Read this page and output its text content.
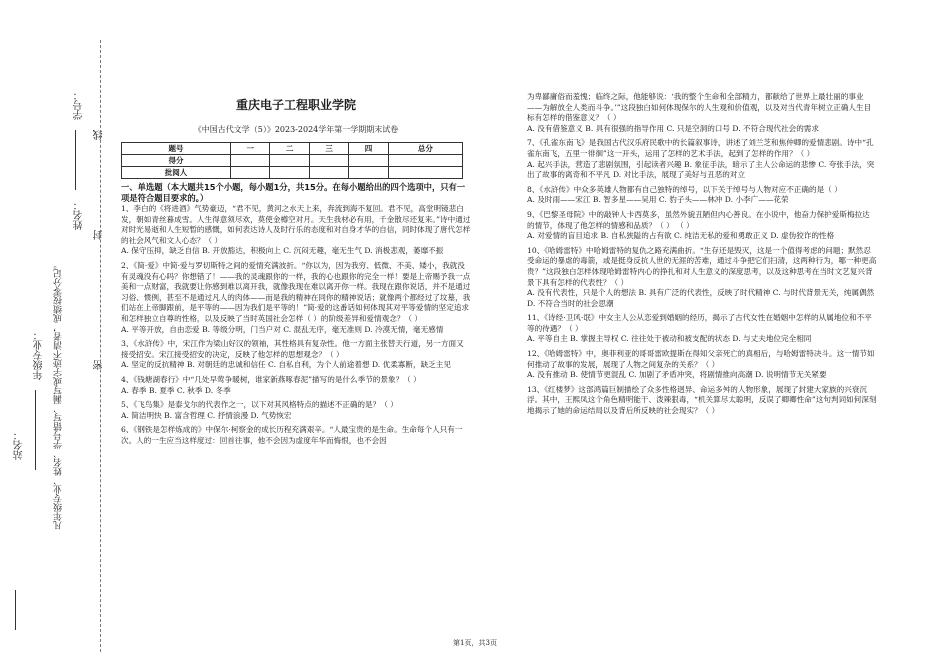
站名：
年级专业： 凡年级专业、姓名、学号错写、漏写或字迹不清者，成绩按零分记。
姓名：
学号：
密
封
线
重庆电子工程职业学院
《中国古代文学（5）》2023-2024学年第一学期期末试卷
题号	一	二	三	四	总分
得分					
批阅人					
一、单选题（本大题共15个小题，每小题1分，共15分。在每小题给出的四个选项中，只有一项是符合题目要求的。）

1、李白的《将进酒》气势豪迈，“君不见，黄河之水天上来，奔流到海不复回。君不见，高堂明镜悲白发，朝如青丝暮成雪。人生得意须尽欢，莫使金樽空对月。天生我材必有用，千金散尽还复来。”诗中通过对时光易逝和人生短暂的感慨，如何表达诗人及时行乐的态度和对自身才华的自信，同时体现了唐代怎样的社会风气和文人心态？（ ）

A. 保守压抑，缺乏自信 B. 开放豁达，积极向上 C. 沉闷无趣，毫无生气 D. 消极悲观，萎靡不振

2、《简·爱》中简·爱与罗切斯特之间的爱情充满波折。“你以为，因为我穷、低微、不美、矮小，我就没有灵魂没有心吗？你想错了！——我的灵魂跟你的一样，我的心也跟你的完全一样！要是上帝赐予我一点美和一点财富，我就要让你感到难以离开我，就像我现在难以离开你一样。我现在跟你说话，并不是通过习俗、惯例，甚至不是通过凡人的肉体——而是我的精神在同你的精神说话；就像两个都经过了坟墓，我们站在上帝脚跟前，是平等的——因为我们是平等的！”简·爱的这番话如何体现其对平等爱情的坚定追求和怎样独立自尊的性格，以及反映了当时英国社会怎样（ ）的阶级差异和爱情观念？（ ）

A. 平等开放，自由恋爱 B. 等级分明，门当户对 C. 混乱无序，毫无准则 D. 冷漠无情，毫无感情

3、《水浒传》中，宋江作为梁山好汉的领袖，其性格具有复杂性。他一方面主张替天行道，另一方面又接受招安。宋江接受招安的决定，反映了他怎样的思想观念？（ ）

A. 坚定的反抗精神 B. 对朝廷的忠诚和信任 C. 自私自利，为个人前途着想 D. 优柔寡断，缺乏主见

4、《钱塘湖春行》中“几处早莺争暖树，谁家新燕啄春泥”描写的是什么季节的景象？（ ）

A. 春季 B. 夏季 C. 秋季 D. 冬季

5、《飞鸟集》是泰戈尔的代表作之一，以下对其风格特点的描述不正确的是？（ ）

A. 简洁明快 B. 富含哲理 C. 抒情浪漫 D. 气势恢宏

6、《钢铁是怎样炼成的》中保尔·柯察金的成长历程充满艰辛。“人最宝贵的是生命。生命每个人只有一次。人的一生应当这样度过：回首往事，他不会因为虚度年华而悔恨，也不会因

为卑鄙庸俗而羞愧；临终之际，他能够说：‘我的整个生命和全部精力，都献给了世界上最壮丽的事业——为解放全人类而斗争。’”这段独白如何体现保尔的人生观和价值观，以及对当代青年树立正确人生目标有怎样的借鉴意义？（ ）

A. 没有借鉴意义 B. 具有很强的指导作用 C. 只是空洞的口号 D. 不符合现代社会的需求

7、《孔雀东南飞》是我国古代汉乐府民歌中的长篇叙事诗，讲述了刘兰芝和焦仲卿的爱情悲剧。诗中“孔雀东南飞，五里一徘徊”这一开头，运用了怎样的艺术手法，起到了怎样的作用？（ ）

A. 起兴手法，营造了悲剧氛围，引起读者兴趣 B. 象征手法，暗示了主人公命运的悲惨 C. 夸张手法，突出了故事的离奇和不平凡 D. 对比手法，展现了美好与丑恶的对立

8、《水浒传》中众多英雄人物都有自己独特的绰号，以下关于绰号与人物对应不正确的是（ ）

A. 及时雨——宋江 B. 智多星——吴用 C. 豹子头——林冲 D. 小李广——花荣

9、《巴黎圣母院》中的敲钟人卡西莫多，虽然外貌丑陋但内心善良。在小说中，他奋力保护爱斯梅拉达的情节，体现了他怎样的情感和品质？（ ） （ ）

A. 对爱情的盲目追求 B. 自私狭隘的占有欲 C. 纯洁无私的爱和勇敢正义 D. 虚伪狡诈的性格

10、《哈姆雷特》中哈姆雷特的复仇之路充满曲折。“生存还是毁灭，这是一个值得考虑的问题；默然忍受命运的暴虐的毒箭，或是挺身反抗人世的无涯的苦难，通过斗争把它们扫清，这两种行为，哪一种更高贵？”这段独白怎样体现哈姆雷特内心的挣扎和对人生意义的深度思考，以及这种思考在当时文艺复兴背景下具有怎样的代表性？（ ）

A. 没有代表性，只是个人的想法 B. 具有广泛的代表性，反映了时代精神 C. 与时代背景无关，纯属偶然 D. 不符合当时的社会思潮

11、《诗经·卫风·氓》中女主人公从恋爱到婚姻的经历，揭示了古代女性在婚姻中怎样的从属地位和不平等的待遇？（ ）

A. 平等自主 B. 掌握主导权 C. 往往处于被动和被支配的状态 D. 与丈夫地位完全相同

12、《哈姆雷特》中，奥菲利亚的哥哥雷欧提斯在得知父亲死亡的真相后，与哈姆雷特决斗。这一情节如何推动了故事的发展，展现了人物之间复杂的关系？（ ）

A. 没有推动 B. 使情节更混乱 C. 加剧了矛盾冲突，将剧情推向高潮 D. 说明情节无关紧要

13、《红楼梦》这部鸿篇巨制描绘了众多性格迥异、命运多舛的人物形象，展现了封建大家族的兴衰沉浮。其中，王熙凤这个角色精明能干、泼辣狠毒，“机关算尽太聪明，反误了卿卿性命”这句判词如何深刻地揭示了她的命运结局以及背后所反映的社会现实？（ ）

第1页，共3页
